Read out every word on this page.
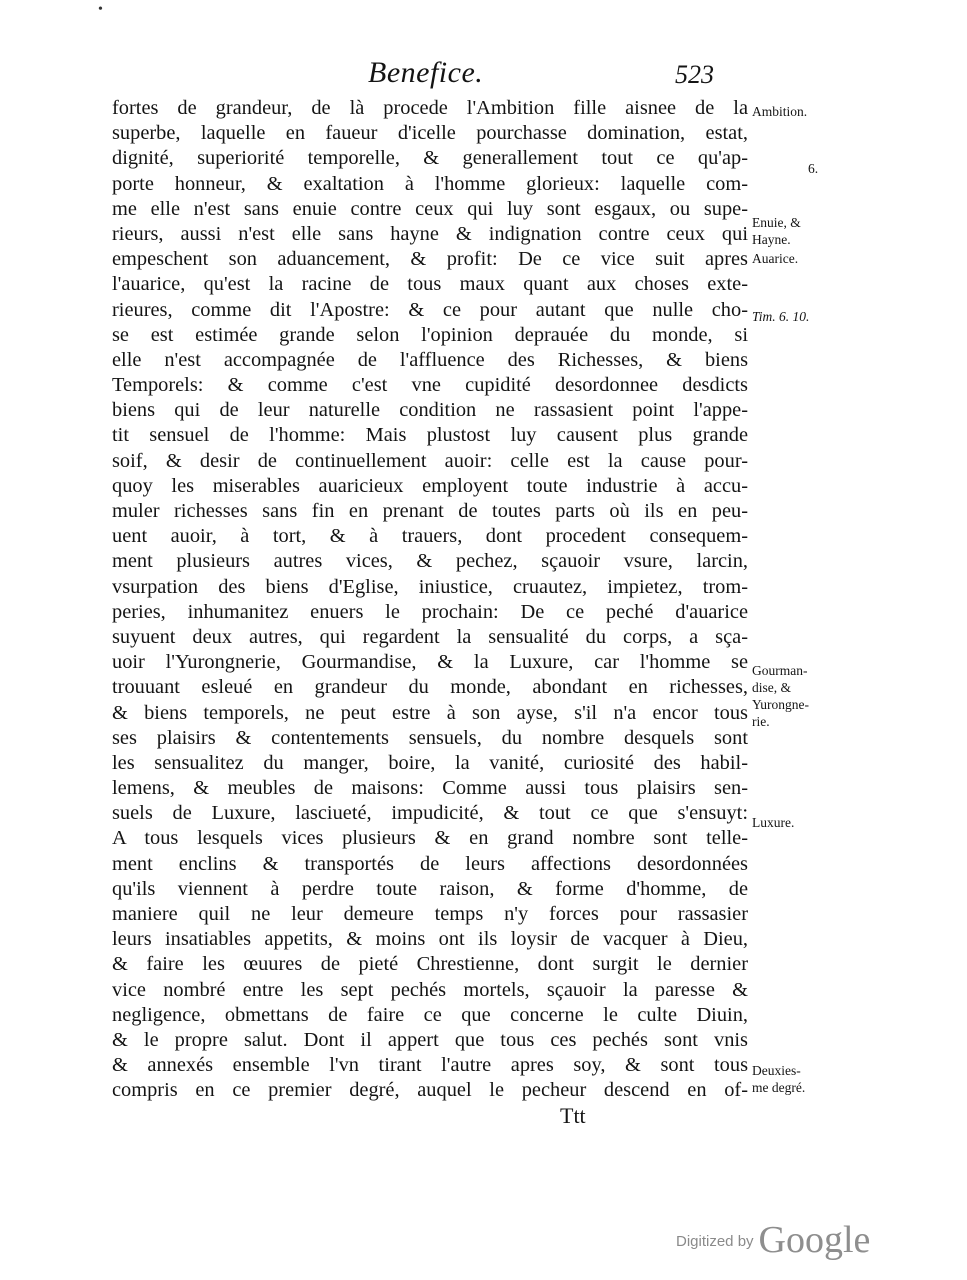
•
Benefice.	523
fortes de grandeur, de là procede l'Ambition fille aisnee de la
superbe, laquelle en faueur d'icelle pourchasse domination, estat,
dignité, superiorité temporelle, & generallement tout ce qu'ap-
porte honneur, & exaltation à l'homme glorieux: laquelle com-
me elle n'est sans enuie contre ceux qui luy sont esgaux, ou supe-
rieurs, aussi n'est elle sans hayne & indignation contre ceux qui
empeschent son aduancement, & profit: De ce vice suit apres
l'auarice, qu'est la racine de tous maux quant aux choses exte-
rieures, comme dit l'Apostre: & ce pour autant que nulle cho-
se est estimée grande selon l'opinion deprauée du monde, si
elle n'est accompagnée de l'affluence des Richesses, & biens
Temporels: & comme c'est vne cupidité desordonnee desdicts
biens qui de leur naturelle condition ne rassasient point l'appe-
tit sensuel de l'homme: Mais plustost luy causent plus grande
soif, & desir de continuellement auoir: celle est la cause pour-
quoy les miserables auaricieux employent toute industrie à accu-
muler richesses sans fin en prenant de toutes parts où ils en peu-
uent auoir, à tort, & à trauers, dont procedent consequem-
ment plusieurs autres vices, & pechez, sçauoir vsure, larcin,
vsurpation des biens d'Eglise, iniustice, cruautez, impietez, trom-
peries, inhumanitez enuers le prochain: De ce peché d'auarice
suyuent deux autres, qui regardent la sensualité du corps, a sça-
uoir l'Yurongnerie, Gourmandise, & la Luxure, car l'homme se
trouuant esleué en grandeur du monde, abondant en richesses,
& biens temporels, ne peut estre à son ayse, s'il n'a encor tous
ses plaisirs & contentements sensuels, du nombre desquels sont
les sensualitez du manger, boire, la vanité, curiosité des habil-
lemens, & meubles de maisons: Comme aussi tous plaisirs sen-
suels de Luxure, lasciueté, impudicité, & tout ce que s'ensuyt:
A tous lesquels vices plusieurs & en grand nombre sont telle-
ment enclins & transportés de leurs affections desordonnées
qu'ils viennent à perdre toute raison, & forme d'homme, de
maniere quil ne leur demeure temps n'y forces pour rassasier
leurs insatiables appetits, & moins ont ils loysir de vacquer à Dieu,
& faire les œuures de pieté Chrestienne, dont surgit le dernier
vice nombré entre les sept pechés mortels, sçauoir la paresse &
negligence, obmettans de faire ce que concerne le culte Diuin,
& le propre salut. Dont il appert que tous ces pechés sont vnis
& annexés ensemble l'vn tirant l'autre apres soy, & sont tous
compris en ce premier degré, auquel le pecheur descend en of-
Ambition.
6.
Enuie, &
Hayne.
Auarice.
Tim. 6. 10.
Gourman-
dise, &
Yurongne-
rie.
Luxure.
Deuxies-
me degré.
Ttt
Digitized by Google
